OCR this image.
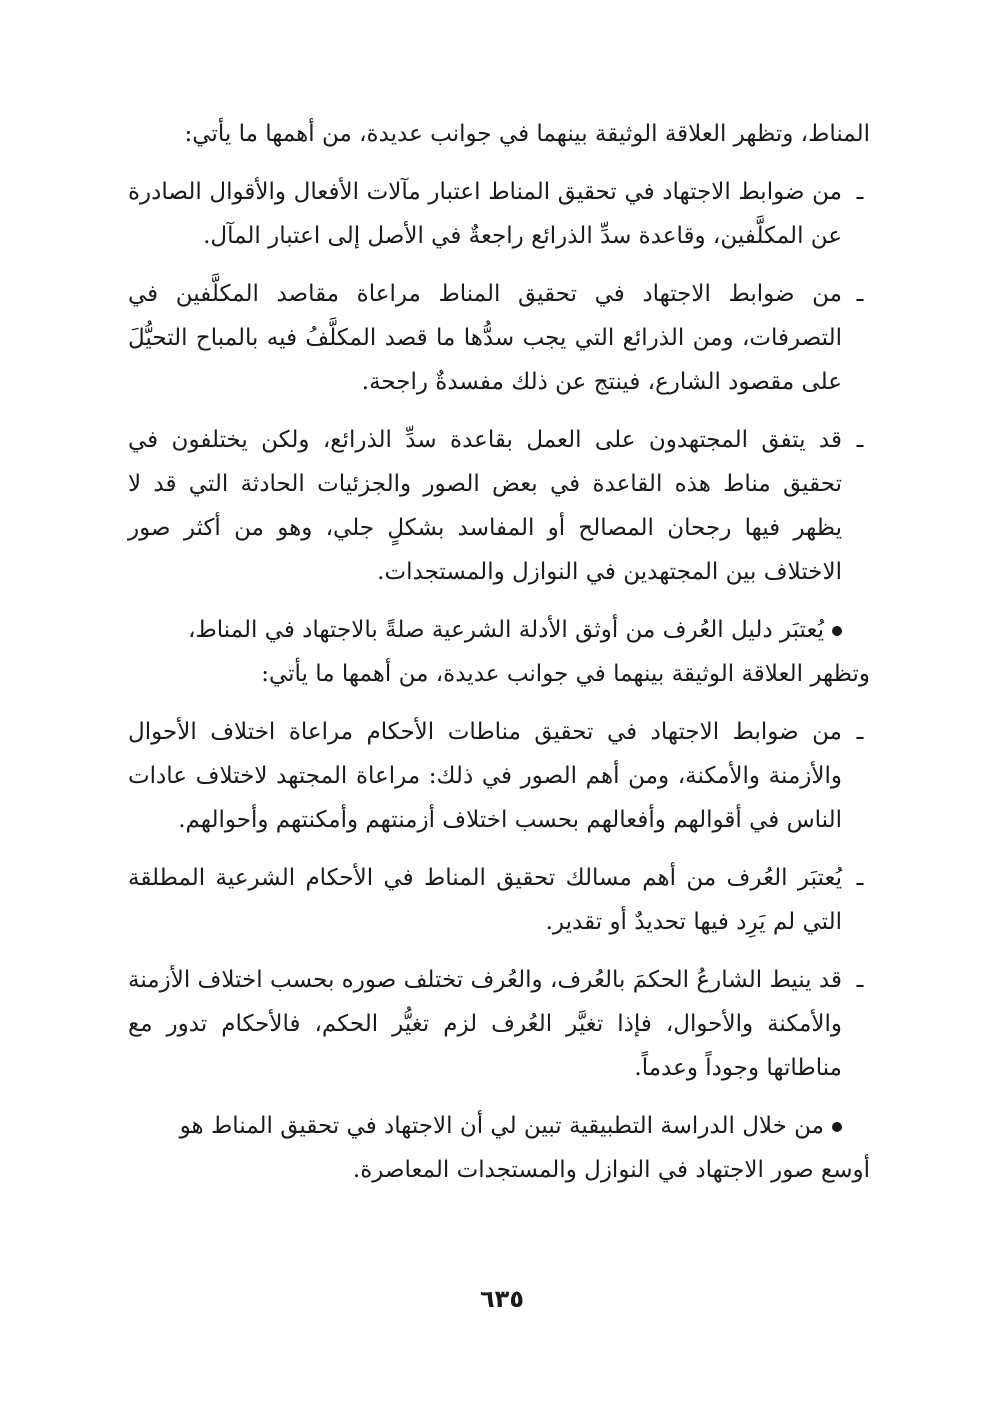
المناط، وتظهر العلاقة الوثيقة بينهما في جوانب عديدة، من أهمها ما يأتي:

ـ
من ضوابط الاجتهاد في تحقيق المناط اعتبار مآلات الأفعال والأقوال الصادرة عن المكلَّفين، وقاعدة سدِّ الذرائع راجعةٌ في الأصل إلى اعتبار المآل.

ـ
من ضوابط الاجتهاد في تحقيق المناط مراعاة مقاصد المكلَّفين في التصرفات، ومن الذرائع التي يجب سدُّها ما قصد المكلَّفُ فيه بالمباح التحيُّلَ على مقصود الشارع، فينتج عن ذلك مفسدةٌ راجحة.

ـ
قد يتفق المجتهدون على العمل بقاعدة سدِّ الذرائع، ولكن يختلفون في تحقيق مناط هذه القاعدة في بعض الصور والجزئيات الحادثة التي قد لا يظهر فيها رجحان المصالح أو المفاسد بشكلٍ جلي، وهو من أكثر صور الاختلاف بين المجتهدين في النوازل والمستجدات.

يُعتبَر دليل العُرف من أوثق الأدلة الشرعية صلةً بالاجتهاد في المناط،
وتظهر العلاقة الوثيقة بينهما في جوانب عديدة، من أهمها ما يأتي:

ـ
من ضوابط الاجتهاد في تحقيق مناطات الأحكام مراعاة اختلاف الأحوال والأزمنة والأمكنة، ومن أهم الصور في ذلك: مراعاة المجتهد لاختلاف عادات الناس في أقوالهم وأفعالهم بحسب اختلاف أزمنتهم وأمكنتهم وأحوالهم.

ـ
يُعتبَر العُرف من أهم مسالك تحقيق المناط في الأحكام الشرعية المطلقة التي لم يَرِد فيها تحديدٌ أو تقدير.

ـ
قد ينيط الشارعُ الحكمَ بالعُرف، والعُرف تختلف صوره بحسب اختلاف الأزمنة والأمكنة والأحوال، فإذا تغيَّر العُرف لزم تغيُّر الحكم، فالأحكام تدور مع مناطاتها وجوداً وعدماً.

من خلال الدراسة التطبيقية تبين لي أن الاجتهاد في تحقيق المناط هو
أوسع صور الاجتهاد في النوازل والمستجدات المعاصرة.
٦٣٥
